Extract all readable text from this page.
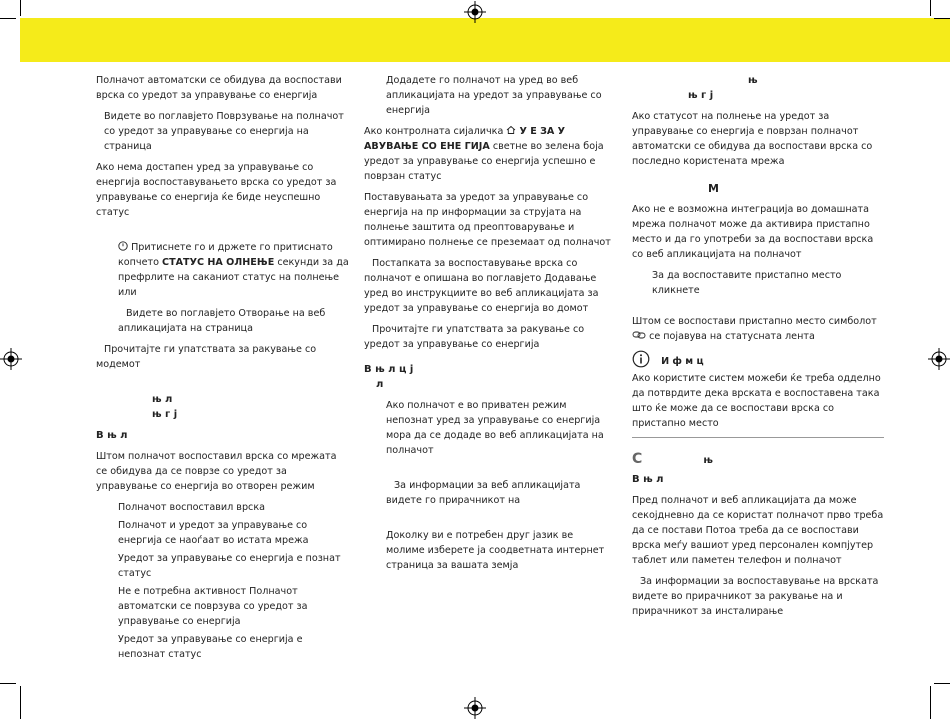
Полначот автоматски се обидува да воспостави врска со уредот за управување со енергија

Видете во поглавјето Поврзување на полначот со уредот за управување со енергија на страница

Ако нема достапен уред за управување со енергија воспоставувањето врска со уредот за управување со енергија ќе биде неуспешно статус

Притиснете го и држете го притиснато копчето СТАТУС НА ОЛНЕЊЕ секунди за да префрлите на саканиот статус на полнење или

Видете во поглавјето Отворање на веб апликацијата на страница

Прочитајте ги упатствата за ракување со модемот

њ л

њ г ј

В њ л

Штом полначот воспоставил врска со мрежата се обидува да се поврзе со уредот за управување со енергија во отворен режим

Полначот воспоставил врска

Полначот и уредот за управување со енергија се наоѓаат во истата мрежа

Уредот за управување со енергија е познат статус

Не е потребна активност Полначот автоматски се поврзува со уредот за управување со енергија

Уредот за управување со енергија е непознат статус

Додадете го полначот на уред во веб апликацијата на уредот за управување со енергија

Ако контролната сијаличка У Е ЗА У АВУВАЊЕ СО ЕНЕ ГИЈА светне во зелена боја уредот за управување со енергија успешно е поврзан статус

Поставувањата за уредот за управување со енергија на пр информации за струјата на полнење заштита од преоптоварување и оптимирано полнење се преземаат од полначот

Постапката за воспоставување врска со полначот е опишана во поглавјето Додавање уред во инструкциите во веб апликацијата за уредот за управување со енергија во домот

Прочитајте ги упатствата за ракување со уредот за управување со енергија

В њ л ц ј

л

Ако полначот е во приватен режим непознат уред за управување со енергија мора да се додаде во веб апликацијата на полначот

За информации за веб апликацијата видете го прирачникот на

Доколку ви е потребен друг јазик ве молиме изберете ја соодветната интернет страница за вашата земја

њ

њ г ј

Ако статусот на полнење на уредот за управување со енергија е поврзан полначот автоматски се обидува да воспостави врска со последно користената мрежа

М

Ако не е возможна интеграција во домашната мрежа полначот може да активира пристапно место и да го употреби за да воспостави врска со веб апликацијата на полначот

За да воспоставите пристапно место кликнете

Штом се воспостави пристапно место симболот

се појавува на статусната лента

И ф м ц

Ако користите систем можеби ќе треба одделно да потврдите дека врската е воспоставена така што ќе може да се воспостави врска со пристапно место

С	њ

В њ л

Пред полначот и веб апликацијата да може секојдневно да се користат полначот прво треба да се постави Потоа треба да се воспостави врска меѓу вашиот уред персонален компјутер таблет или паметен телефон и полначот

За информации за воспоставување на врската видете во прирачникот за ракување на и прирачникот за инсталирање
